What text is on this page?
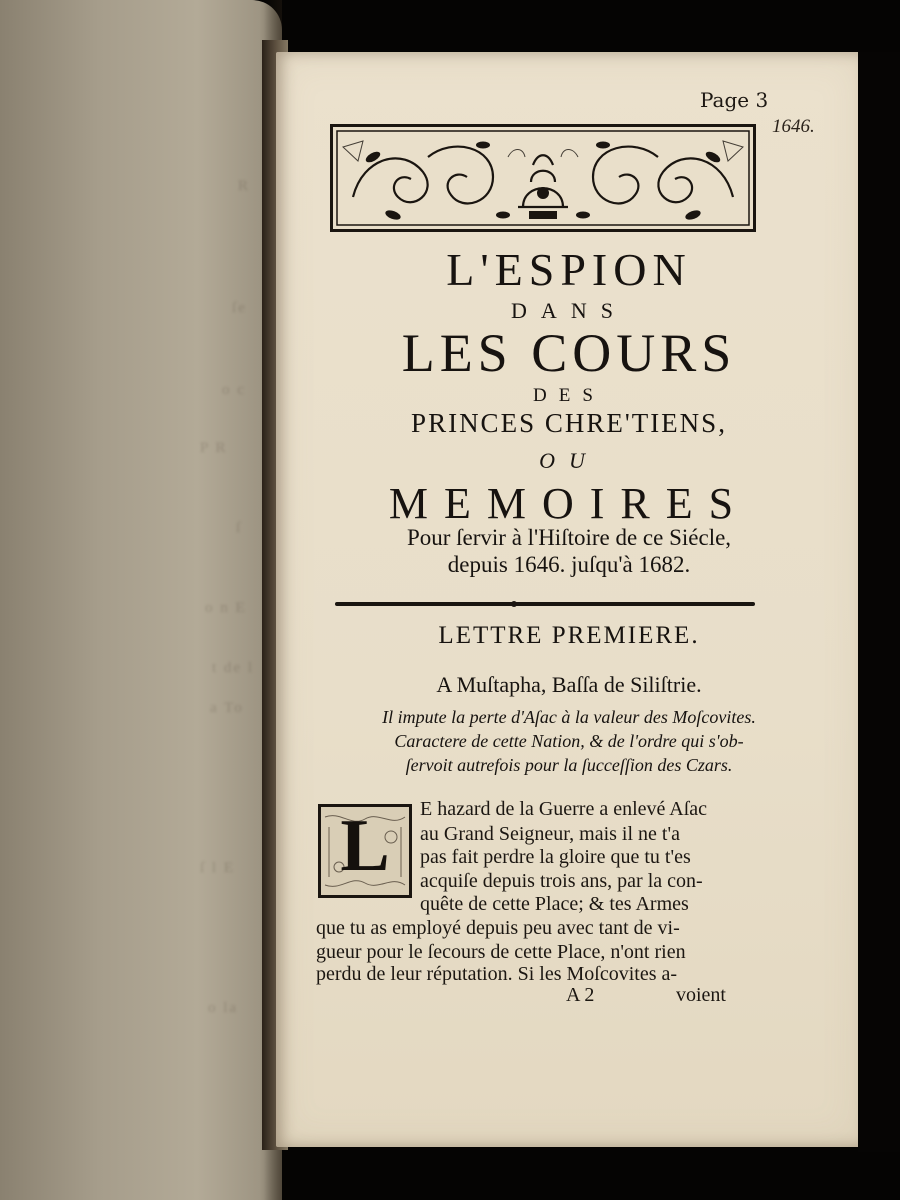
R
ſe
P R
o c
ſ
o n E
t de l
a To
ſ l E
o la
Page 3
1646.
L'ESPION
DANS
LES COURS
DES
PRINCES CHRE'TIENS,
OU
MEMOIRES
Pour ſervir à l'Hiſtoire de ce Siécle,
depuis 1646. juſqu'à 1682.
LETTRE PREMIERE.
A Muſtapha, Baſſa de Siliſtrie.
Il impute la perte d'Aſac à la valeur des Moſcovites.
Caractere de cette Nation, & de l'ordre qui s'ob-
ſervoit autrefois pour la ſucceſſion des Czars.
L	E hazard de la Guerre a enlevé Aſac
au Grand Seigneur, mais il ne t'a
pas fait perdre la gloire que tu t'es
acquiſe depuis trois ans, par la con-
quête de cette Place; & tes Armes
que tu as employé depuis peu avec tant de vi-
gueur pour le ſecours de cette Place, n'ont rien
perdu de leur réputation. Si les Moſcovites a-
A 2	voient
